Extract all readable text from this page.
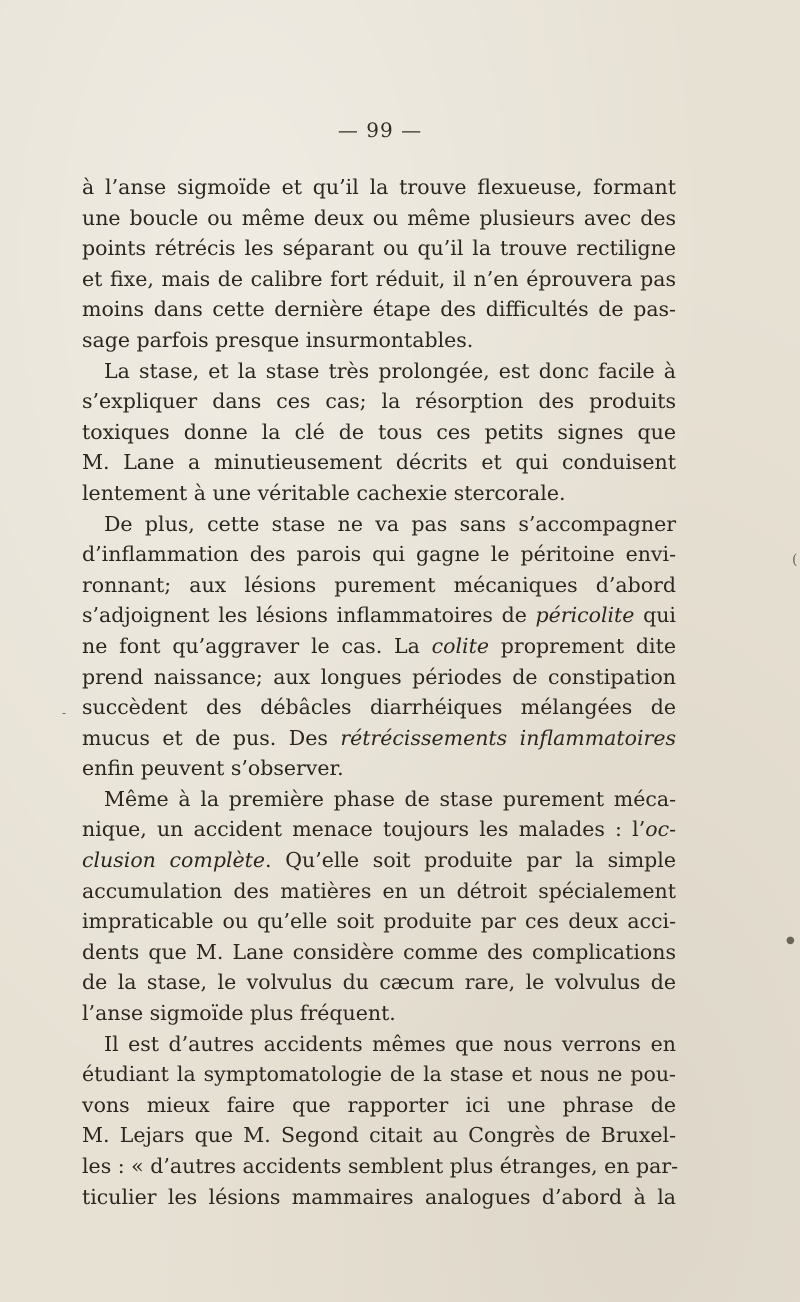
— 99 —
à l’anse sigmoïde et qu’il la trouve flexueuse, formant
une boucle ou même deux ou même plusieurs avec des
points rétrécis les séparant ou qu’il la trouve rectiligne
et fixe, mais de calibre fort réduit, il n’en éprouvera pas
moins dans cette dernière étape des difficultés de pas-
sage parfois presque insurmontables.
La stase, et la stase très prolongée, est donc facile à
s’expliquer dans ces cas; la résorption des produits
toxiques donne la clé de tous ces petits signes que
M. Lane a minutieusement décrits et qui conduisent
lentement à une véritable cachexie stercorale.
De plus, cette stase ne va pas sans s’accompagner
d’inflammation des parois qui gagne le péritoine envi-
ronnant; aux lésions purement mécaniques d’abord
s’adjoignent les lésions inflammatoires de péricolite qui
ne font qu’aggraver le cas. La colite proprement dite
prend naissance; aux longues périodes de constipation
succèdent des débâcles diarrhéiques mélangées de
mucus et de pus. Des rétrécissements inflammatoires
enfin peuvent s’observer.
Même à la première phase de stase purement méca-
nique, un accident menace toujours les malades : l’oc-
clusion complète. Qu’elle soit produite par la simple
accumulation des matières en un détroit spécialement
impraticable ou qu’elle soit produite par ces deux acci-
dents que M. Lane considère comme des complications
de la stase, le volvulus du cæcum rare, le volvulus de
l’anse sigmoïde plus fréquent.
Il est d’autres accidents mêmes que nous verrons en
étudiant la symptomatologie de la stase et nous ne pou-
vons mieux faire que rapporter ici une phrase de
M. Lejars que M. Segond citait au Congrès de Bruxel-
les : « d’autres accidents semblent plus étranges, en par-
ticulier les lésions mammaires analogues d’abord à la
(
-
●
